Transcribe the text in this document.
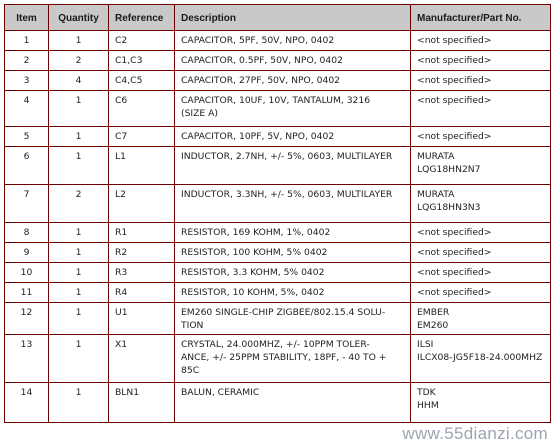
Item	Quantity	Reference	Description	Manufacturer/Part No.
1	1	C2	CAPACITOR, 5PF, 50V, NPO, 0402	<not specified>

2	2	C1,C3	CAPACITOR, 0.5PF, 50V, NPO, 0402	<not specified>

3	4	C4,C5	CAPACITOR, 27PF, 50V, NPO, 0402	<not specified>

4	1	C6	CAPACITOR, 10UF, 10V, TANTALUM, 3216
(SIZE A)	<not specified>

5	1	C7	CAPACITOR, 10PF, 5V, NPO, 0402	<not specified>

6	1	L1	INDUCTOR, 2.7NH, +/- 5%, 0603, MULTILAYER	MURATA
LQG18HN2N7

7	2	L2	INDUCTOR, 3.3NH, +/- 5%, 0603, MULTILAYER	MURATA
LQG18HN3N3

8	1	R1	RESISTOR, 169 KOHM, 1%, 0402	<not specified>

9	1	R2	RESISTOR, 100 KOHM, 5% 0402	<not specified>

10	1	R3	RESISTOR, 3.3 KOHM, 5% 0402	<not specified>

11	1	R4	RESISTOR, 10 KOHM, 5%, 0402	<not specified>

12	1	U1	EM260 SINGLE-CHIP ZIGBEE/802.15.4 SOLU-
TION	EMBER
EM260

13	1	X1	CRYSTAL, 24.000MHZ, +/- 10PPM TOLER-
ANCE, +/- 25PPM STABILITY, 18PF, - 40 TO +
85C	ILSI
ILCX08-JG5F18-24.000MHZ

14	1	BLN1	BALUN, CERAMIC	TDK
HHM
www.55dianzi.com
